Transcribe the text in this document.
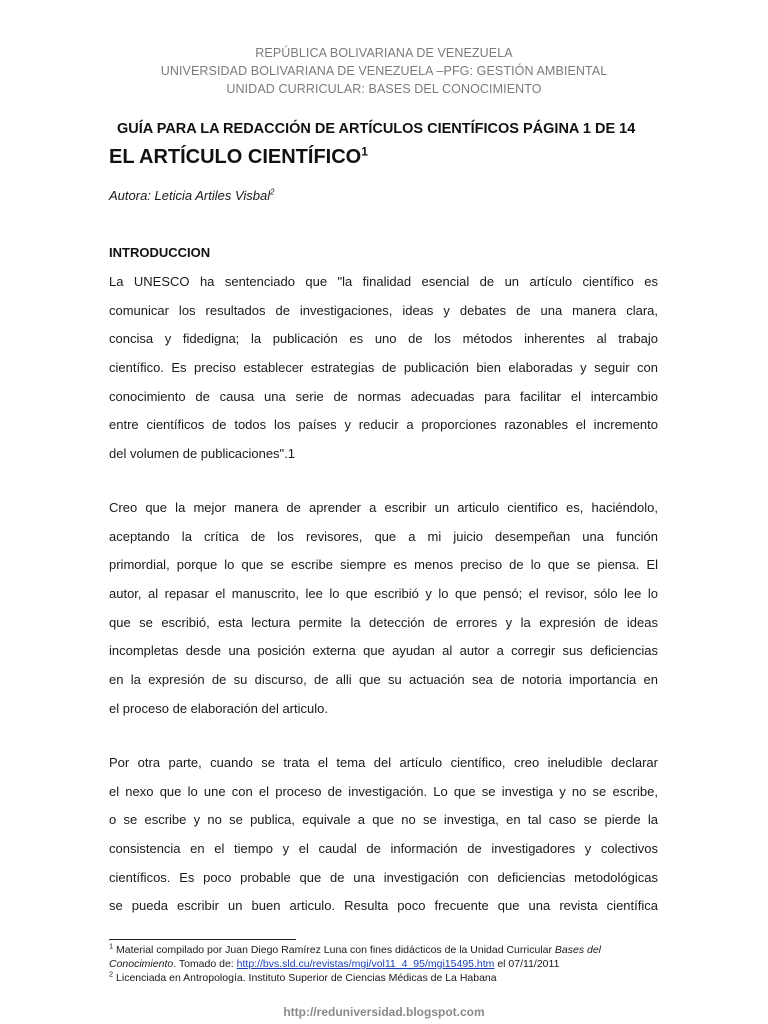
REPÚBLICA BOLIVARIANA DE VENEZUELA
UNIVERSIDAD BOLIVARIANA DE VENEZUELA –PFG: GESTIÓN AMBIENTAL
UNIDAD CURRICULAR: BASES DEL CONOCIMIENTO
GUÍA PARA LA REDACCIÓN DE ARTÍCULOS CIENTÍFICOS PÁGINA 1 DE 14
EL ARTÍCULO CIENTÍFICO$^1$
Autora: Leticia Artiles Visbal$^2$
INTRODUCCION
La UNESCO ha sentenciado que "la finalidad esencial de un artículo científico es
comunicar los resultados de investigaciones, ideas y debates de una manera clara,
concisa y fidedigna; la publicación es uno de los métodos inherentes al trabajo
científico. Es preciso establecer estrategias de publicación bien elaboradas y seguir con
conocimiento de causa una serie de normas adecuadas para facilitar el intercambio
entre científicos de todos los países y reducir a proporciones razonables el incremento
del volumen de publicaciones".1
Creo que la mejor manera de aprender a escribir un articulo cientifico es, haciéndolo,
aceptando la crítica de los revisores, que a mi juicio desempeñan una función
primordial, porque lo que se escribe siempre es menos preciso de lo que se piensa. El
autor, al repasar el manuscrito, lee lo que escribió y lo que pensó; el revisor, sólo lee lo
que se escribió, esta lectura permite la detección de errores y la expresión de ideas
incompletas desde una posición externa que ayudan al autor a corregir sus deficiencias
en la expresión de su discurso, de alli que su actuación sea de notoria importancia en
el proceso de elaboración del articulo.
Por otra parte, cuando se trata el tema del artículo científico, creo ineludible declarar
el nexo que lo une con el proceso de investigación. Lo que se investiga y no se escribe,
o se escribe y no se publica, equivale a que no se investiga, en tal caso se pierde la
consistencia en el tiempo y el caudal de información de investigadores y colectivos
científicos. Es poco probable que de una investigación con deficiencias metodológicas
se pueda escribir un buen articulo. Resulta poco frecuente que una revista científica
$^1$ Material compilado por Juan Diego Ramírez Luna con fines didácticos de la Unidad Curricular Bases del Conocimiento. Tomado de: http://bvs.sld.cu/revistas/mgi/vol11_4_95/mgi15495.htm el 07/11/2011
$^2$ Licenciada en Antropología. Instituto Superior de Ciencias Médicas de La Habana
http://reduniversidad.blogspot.com
